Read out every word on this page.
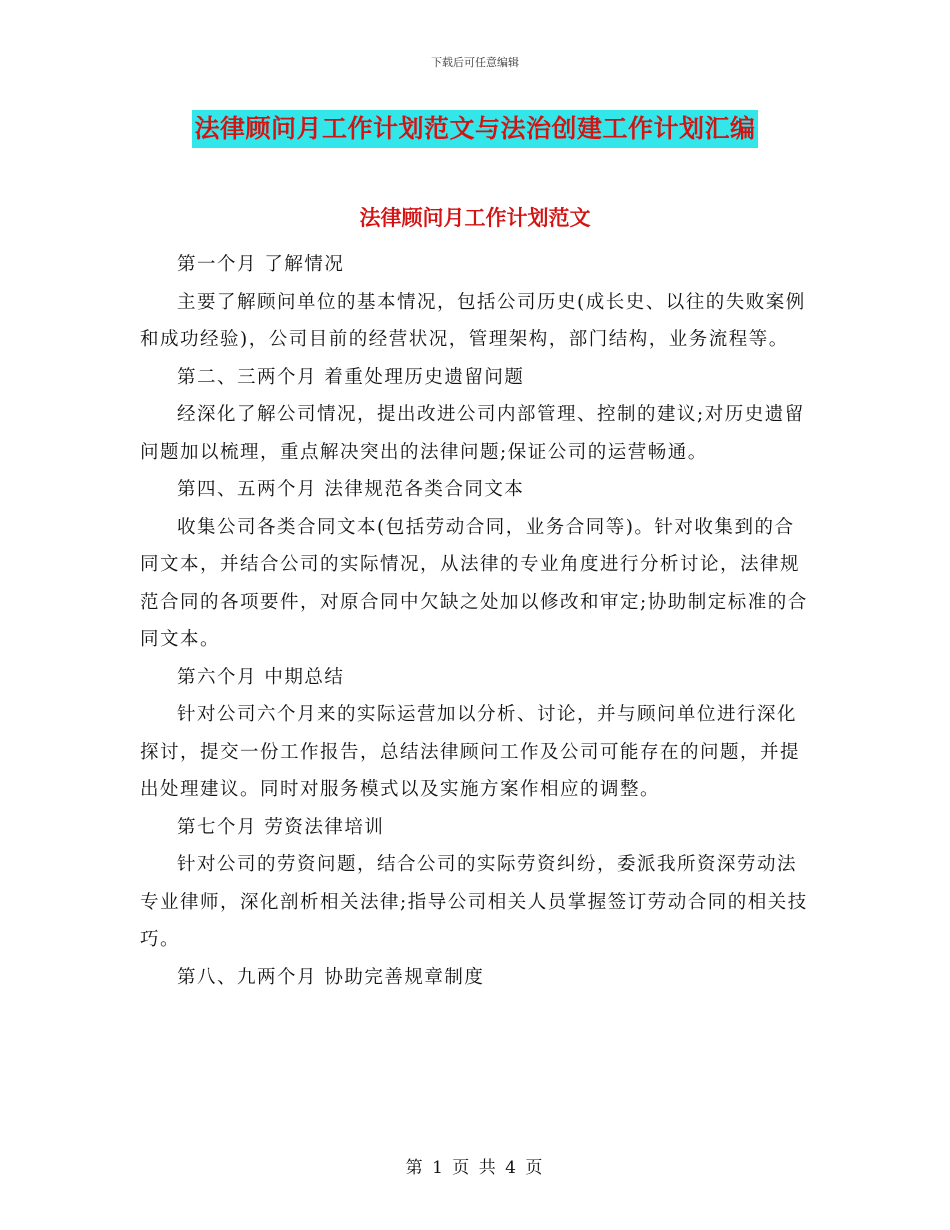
下载后可任意编辑
法律顾问月工作计划范文与法治创建工作计划汇编
法律顾问月工作计划范文

第一个月 了解情况

主要了解顾问单位的基本情况，包括公司历史(成长史、以往的失败案例和成功经验)，公司目前的经营状况，管理架构，部门结构，业务流程等。

第二、三两个月 着重处理历史遗留问题

经深化了解公司情况，提出改进公司内部管理、控制的建议;对历史遗留问题加以梳理，重点解决突出的法律问题;保证公司的运营畅通。

第四、五两个月 法律规范各类合同文本

收集公司各类合同文本(包括劳动合同，业务合同等)。针对收集到的合同文本，并结合公司的实际情况，从法律的专业角度进行分析讨论，法律规范合同的各项要件，对原合同中欠缺之处加以修改和审定;协助制定标准的合同文本。

第六个月 中期总结

针对公司六个月来的实际运营加以分析、讨论，并与顾问单位进行深化探讨，提交一份工作报告，总结法律顾问工作及公司可能存在的问题，并提出处理建议。同时对服务模式以及实施方案作相应的调整。

第七个月 劳资法律培训

针对公司的劳资问题，结合公司的实际劳资纠纷，委派我所资深劳动法专业律师，深化剖析相关法律;指导公司相关人员掌握签订劳动合同的相关技巧。

第八、九两个月 协助完善规章制度

第 1 页 共 4 页
